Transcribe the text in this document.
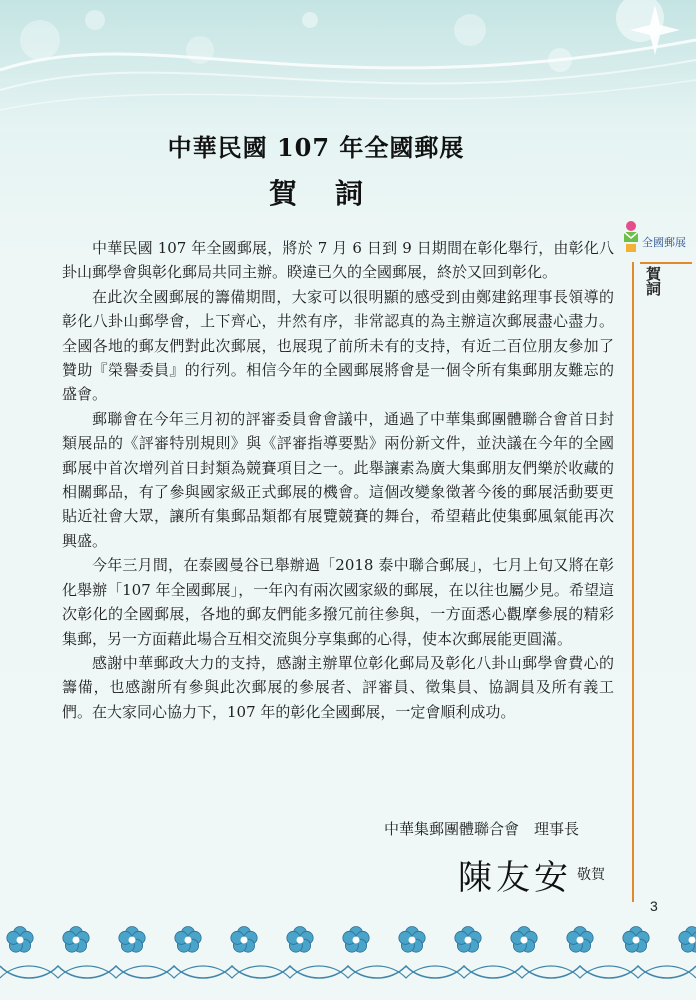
全國郵展
賀詞
中華民國 107 年全國郵展
賀詞

中華民國 107 年全國郵展，將於 7 月 6 日到 9 日期間在彰化舉行，由彰化八卦山郵學會與彰化郵局共同主辦。睽違已久的全國郵展，終於又回到彰化。

在此次全國郵展的籌備期間，大家可以很明顯的感受到由鄭建銘理事長領導的彰化八卦山郵學會，上下齊心，井然有序，非常認真的為主辦這次郵展盡心盡力。全國各地的郵友們對此次郵展，也展現了前所未有的支持，有近二百位朋友參加了贊助『榮譽委員』的行列。相信今年的全國郵展將會是一個令所有集郵朋友難忘的盛會。

郵聯會在今年三月初的評審委員會會議中，通過了中華集郵團體聯合會首日封類展品的《評審特別規則》與《評審指導要點》兩份新文件，並決議在今年的全國郵展中首次增列首日封類為競賽項目之一。此舉讓素為廣大集郵朋友們樂於收藏的相關郵品，有了參與國家級正式郵展的機會。這個改變象徵著今後的郵展活動要更貼近社會大眾，讓所有集郵品類都有展覽競賽的舞台，希望藉此使集郵風氣能再次興盛。

今年三月間，在泰國曼谷已舉辦過「2018 泰中聯合郵展」，七月上旬又將在彰化舉辦「107 年全國郵展」，一年內有兩次國家級的郵展，在以往也屬少見。希望這次彰化的全國郵展，各地的郵友們能多撥冗前往參與，一方面悉心觀摩參展的精彩集郵，另一方面藉此場合互相交流與分享集郵的心得，使本次郵展能更圓滿。

感謝中華郵政大力的支持，感謝主辦單位彰化郵局及彰化八卦山郵學會費心的籌備，也感謝所有參與此次郵展的參展者、評審員、徵集員、協調員及所有義工們。在大家同心協力下，107 年的彰化全國郵展，一定會順利成功。

中華集郵團體聯合會　理事長
陳友安 敬賀
3
